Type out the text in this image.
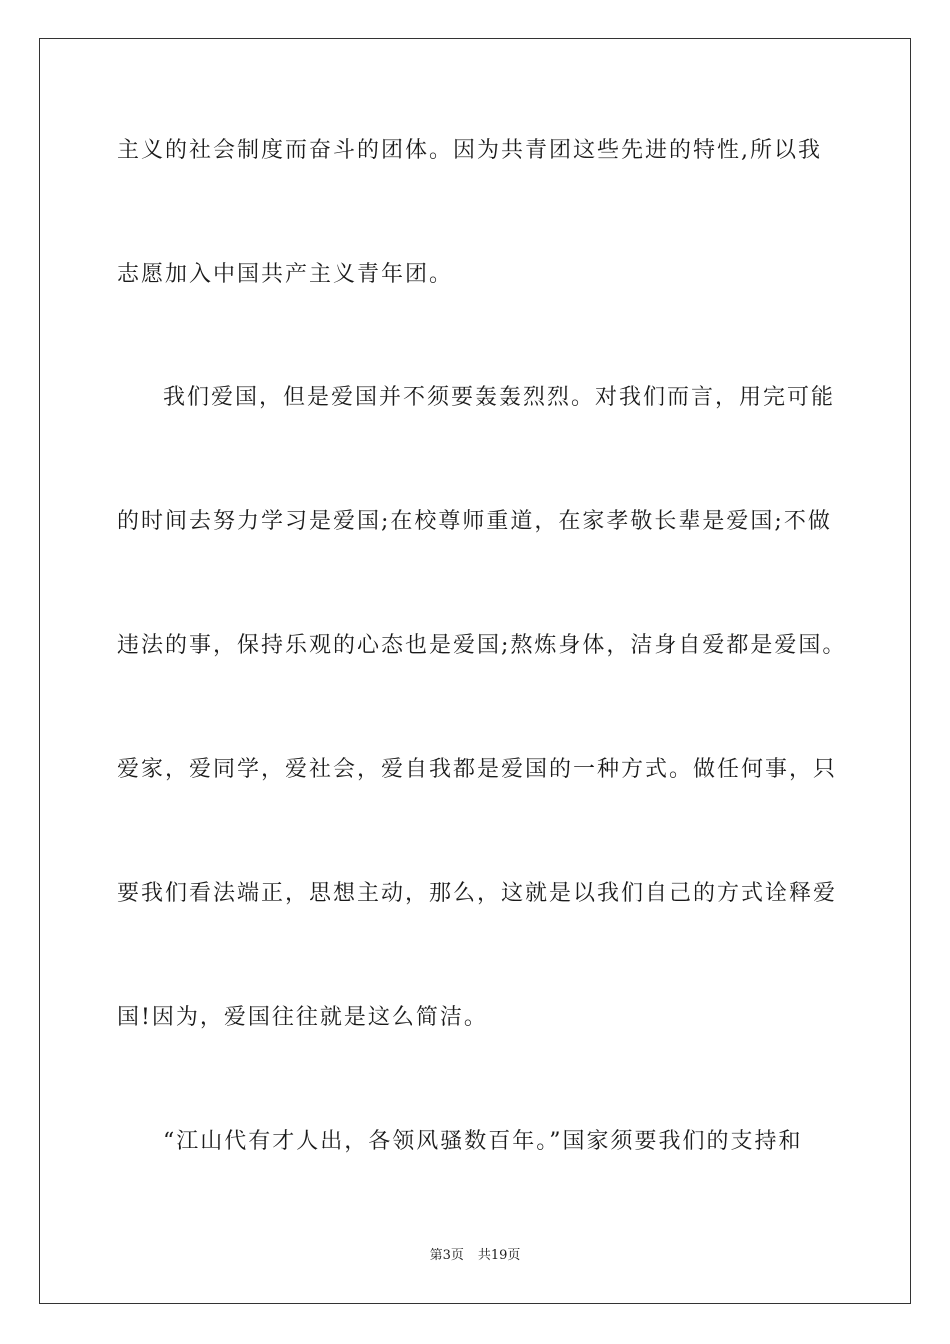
主义的社会制度而奋斗的团体。因为共青团这些先进的特性,所以我
志愿加入中国共产主义青年团。
我们爱国，但是爱国并不须要轰轰烈烈。对我们而言，用完可能
的时间去努力学习是爱国;在校尊师重道，在家孝敬长辈是爱国;不做
违法的事，保持乐观的心态也是爱国;熬炼身体，洁身自爱都是爱国。
爱家，爱同学，爱社会，爱自我都是爱国的一种方式。做任何事，只
要我们看法端正，思想主动，那么，这就是以我们自己的方式诠释爱
国!因为，爱国往往就是这么简洁。
“江山代有才人出，各领风骚数百年。”国家须要我们的支持和
第3页 共19页
